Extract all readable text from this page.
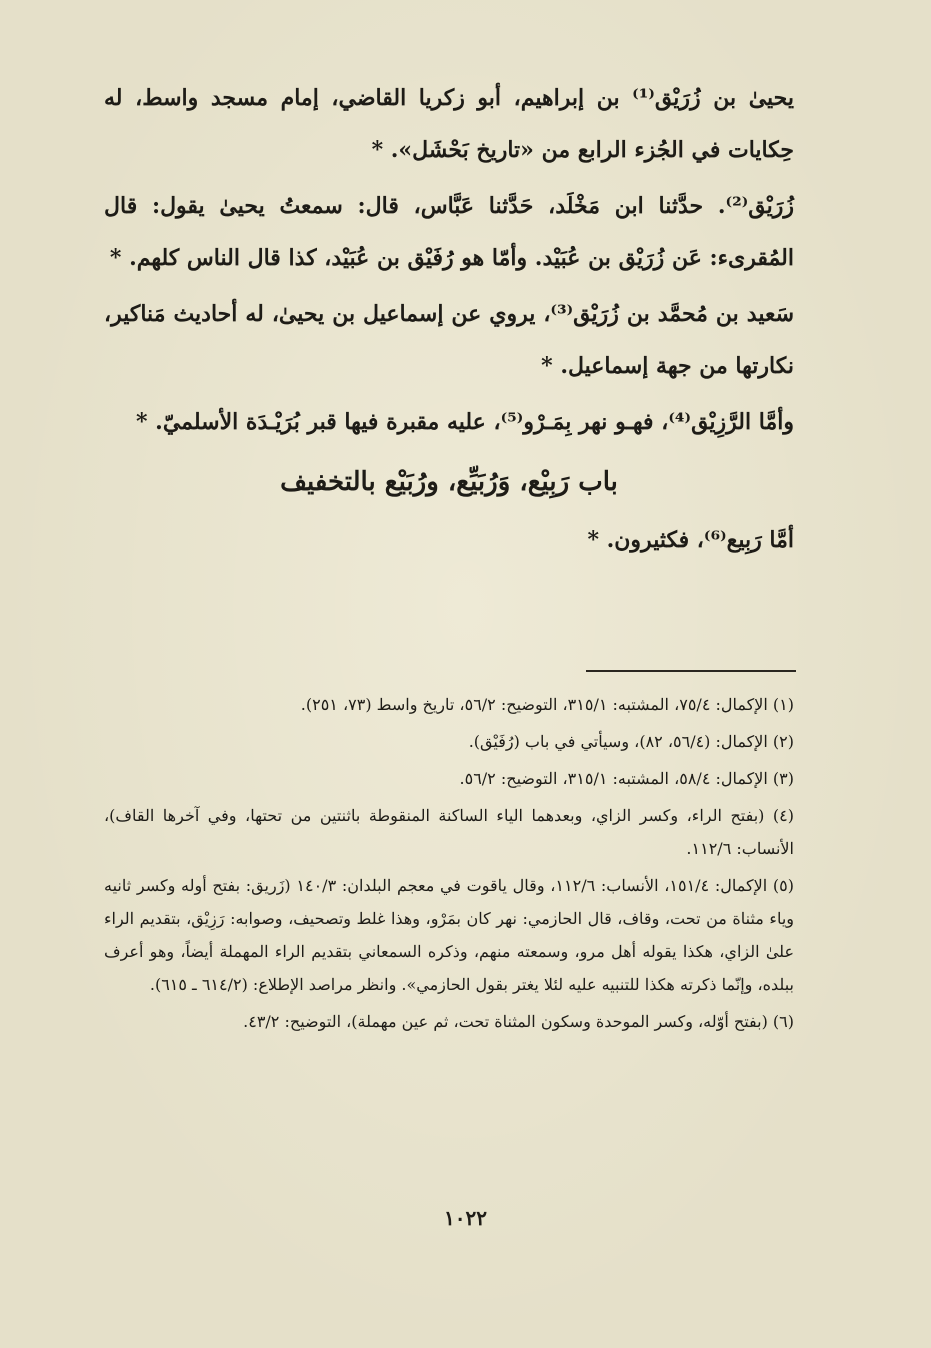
يحيىٰ بن زُرَيْق⁽¹⁾ بن إبراهيم، أبو زكريا القاضي، إمام مسجد واسط، له حِكايات في الجُزء الرابع من «تاريخ بَحْشَل». *

زُرَيْق⁽²⁾. حدَّثنا ابن مَخْلَد، حَدَّثنا عَبَّاس، قال: سمعتُ يحيىٰ يقول: قال المُقرىء: عَن زُرَيْق بن عُبَيْد. وأمّا هو رُفَيْق بن عُبَيْد، كذا قال الناس كلهم. *

سَعيد بن مُحمَّد بن زُرَيْق⁽³⁾، يروي عن إسماعيل بن يحيىٰ، له أحاديث مَناكير، نكارتها من جهة إسماعيل. *

وأمَّا الرَّزِيْق⁽⁴⁾، فهـو نهر بِمَـرْو⁽⁵⁾، عليه مقبرة فيها قبر بُرَيْـدَة الأسلميّ. *

باب رَبِيْع، وَرُبَيِّع، ورُبَيْع بالتخفيف

أمَّا رَبِيع⁽⁶⁾، فكثيرون. *

(١) الإكمال: ٧٥/٤، المشتبه: ٣١٥/١، التوضيح: ٥٦/٢، تاريخ واسط (٧٣، ٢٥١).

(٢) الإكمال: (٥٦/٤، ٨٢)، وسيأتي في باب (رُفَيْق).

(٣) الإكمال: ٥٨/٤، المشتبه: ٣١٥/١، التوضيح: ٥٦/٢.

(٤) (بفتح الراء، وكسر الزاي، وبعدهما الياء الساكنة المنقوطة باثنتين من تحتها، وفي آخرها القاف)، الأنساب: ١١٢/٦.

(٥) الإكمال: ١٥١/٤، الأنساب: ١١٢/٦، وقال ياقوت في معجم البلدان: ١٤٠/٣ (زَريق: بفتح أوله وكسر ثانيه وياء مثناة من تحت، وقاف، قال الحازمي: نهر كان بمَرْو، وهذا غلط وتصحيف، وصوابه: رَزِيْق، بتقديم الراء علىٰ الزاي، هكذا يقوله أهل مرو، وسمعته منهم، وذكره السمعاني بتقديم الراء المهملة أيضاً، وهو أعرف ببلده، وإنّما ذكرته هكذا للتنبيه عليه لئلا يغتر بقول الحازمي». وانظر مراصد الإطلاع: (٦١٤/٢ ـ ٦١٥).

(٦) (بفتح أوّله، وكسر الموحدة وسكون المثناة تحت، ثم عين مهملة)، التوضيح: ٤٣/٢.

١٠٢٢
